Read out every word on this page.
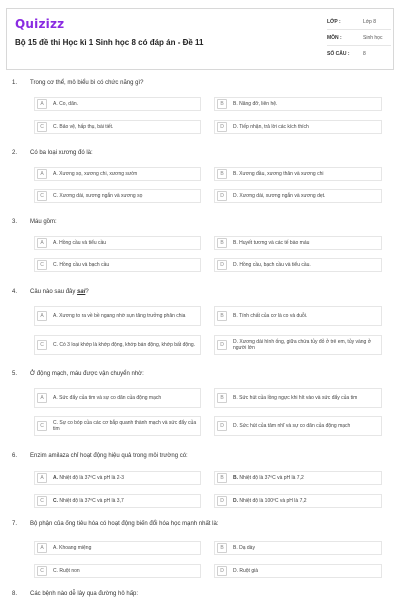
Quizizz
Bộ 15 đề thi Học kì 1 Sinh học 8 có đáp án - Đề 11
LỚP :	Lớp 8
MÔN :	Sinh học
SỐ CÂU :	8
1.	Trong cơ thể, mô biểu bì có chức năng gì?
A	A. Co, dãn.	B	B. Nâng đỡ, liên hệ.
C	C. Bảo vệ, hấp thụ, bài tiết.	D	D. Tiếp nhận, trả lời các kích thích
2.	Có ba loại xương đó là:
A	A. Xương sọ, xương chi, xương sườn	B	B. Xương đầu, xương thân và xương chi
C	C. Xương dài, xương ngắn và xương sọ	D	D. Xương dài, xương ngắn và xương dẹt.
3.	Máu gồm:
A	A. Hồng cầu và tiểu cầu	B	B. Huyết tương và các tế bào máu
C	C. Hồng cầu và bạch cầu	D	D. Hồng cầu, bạch cầu và tiểu cầu.
4.	Câu nào sau đây sai?
A	A. Xương to ra về bề ngang nhờ sụn tăng trưởng phân chia	B	B. Tính chất của cơ là co và duỗi.
C	C. Có 3 loại khớp là khớp động, khớp bán động, khớp bất động.	D
D. Xương dài hình ống, giữa chứa tủy đỏ ở trẻ em, tủy vàng ở người lớn
5.	Ở động mạch, máu được vận chuyển nhờ:
A	A. Sức đẩy của tim và sự co dãn của động mạch	B	B. Sức hút của lồng ngực khi hít vào và sức đẩy của tim
C
C. Sự co bóp của các cơ bắp quanh thành mạch và sức đẩy của tim	D	D. Sức hút của tâm nhĩ và sự co dãn của động mạch
6.	Enzim amilaza chỉ hoạt động hiệu quả trong môi trường có:
A	A. Nhiệt độ là 37ºC và pH là 2-3	B	B. Nhiệt độ là 37ºC và pH là 7,2
C	C. Nhiệt độ là 37ºC và pH là 3,7	D	D. Nhiệt độ là 100ºC và pH là 7,2
7.	Bộ phận của ống tiêu hóa có hoạt động biến đổi hóa học mạnh nhất là:
A	A. Khoang miệng	B	B. Dạ dày
C	C. Ruột non	D	D. Ruột già
8.	Các bệnh nào dễ lây qua đường hô hấp:
